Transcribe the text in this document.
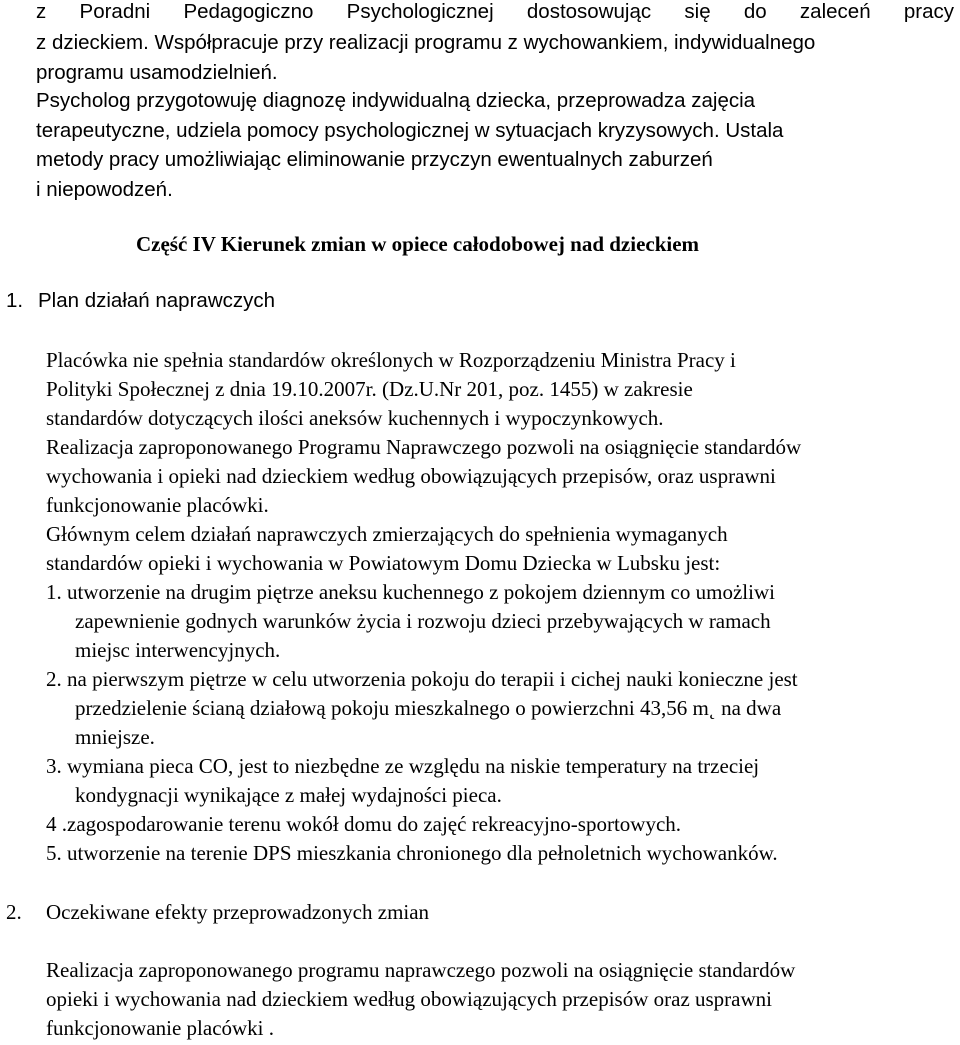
z Poradni Pedagogiczno Psychologicznej dostosowując się do zaleceń pracy
z dzieckiem. Współpracuje przy realizacji programu z wychowankiem, indywidualnego
programu usamodzielnień.
Psycholog przygotowuję diagnozę indywidualną dziecka, przeprowadza zajęcia
terapeutyczne, udziela pomocy psychologicznej w sytuacjach kryzysowych. Ustala
metody pracy umożliwiając eliminowanie przyczyn ewentualnych zaburzeń
i niepowodzeń.
Część IV Kierunek zmian w opiece całodobowej nad dzieckiem
1. Plan działań naprawczych
Placówka nie spełnia standardów określonych w Rozporządzeniu Ministra Pracy i
Polityki Społecznej z dnia 19.10.2007r. (Dz.U.Nr 201, poz. 1455) w zakresie
standardów dotyczących ilości aneksów kuchennych i wypoczynkowych.
Realizacja zaproponowanego Programu Naprawczego pozwoli na osiągnięcie standardów
wychowania i opieki nad dzieckiem według obowiązujących przepisów, oraz usprawni
funkcjonowanie placówki.
Głównym celem działań naprawczych zmierzających do spełnienia wymaganych
standardów opieki i wychowania w Powiatowym Domu Dziecka w Lubsku jest:
1. utworzenie na drugim piętrze aneksu kuchennego z pokojem dziennym co umożliwi
zapewnienie godnych warunków życia i rozwoju dzieci przebywających w ramach
miejsc interwencyjnych.
2. na pierwszym piętrze w celu utworzenia pokoju do terapii i cichej nauki konieczne jest
przedzielenie ścianą działową pokoju mieszkalnego o powierzchni 43,56 m˛ na dwa
mniejsze.
3. wymiana pieca CO, jest to niezbędne ze względu na niskie temperatury na trzeciej
kondygnacji wynikające z małej wydajności pieca.
4 .zagospodarowanie terenu wokół domu do zajęć rekreacyjno-sportowych.
5. utworzenie na terenie DPS mieszkania chronionego dla pełnoletnich wychowanków.
2. Oczekiwane efekty przeprowadzonych zmian
Realizacja zaproponowanego programu naprawczego pozwoli na osiągnięcie standardów
opieki i wychowania nad dzieckiem według obowiązujących przepisów oraz usprawni
funkcjonowanie placówki .
